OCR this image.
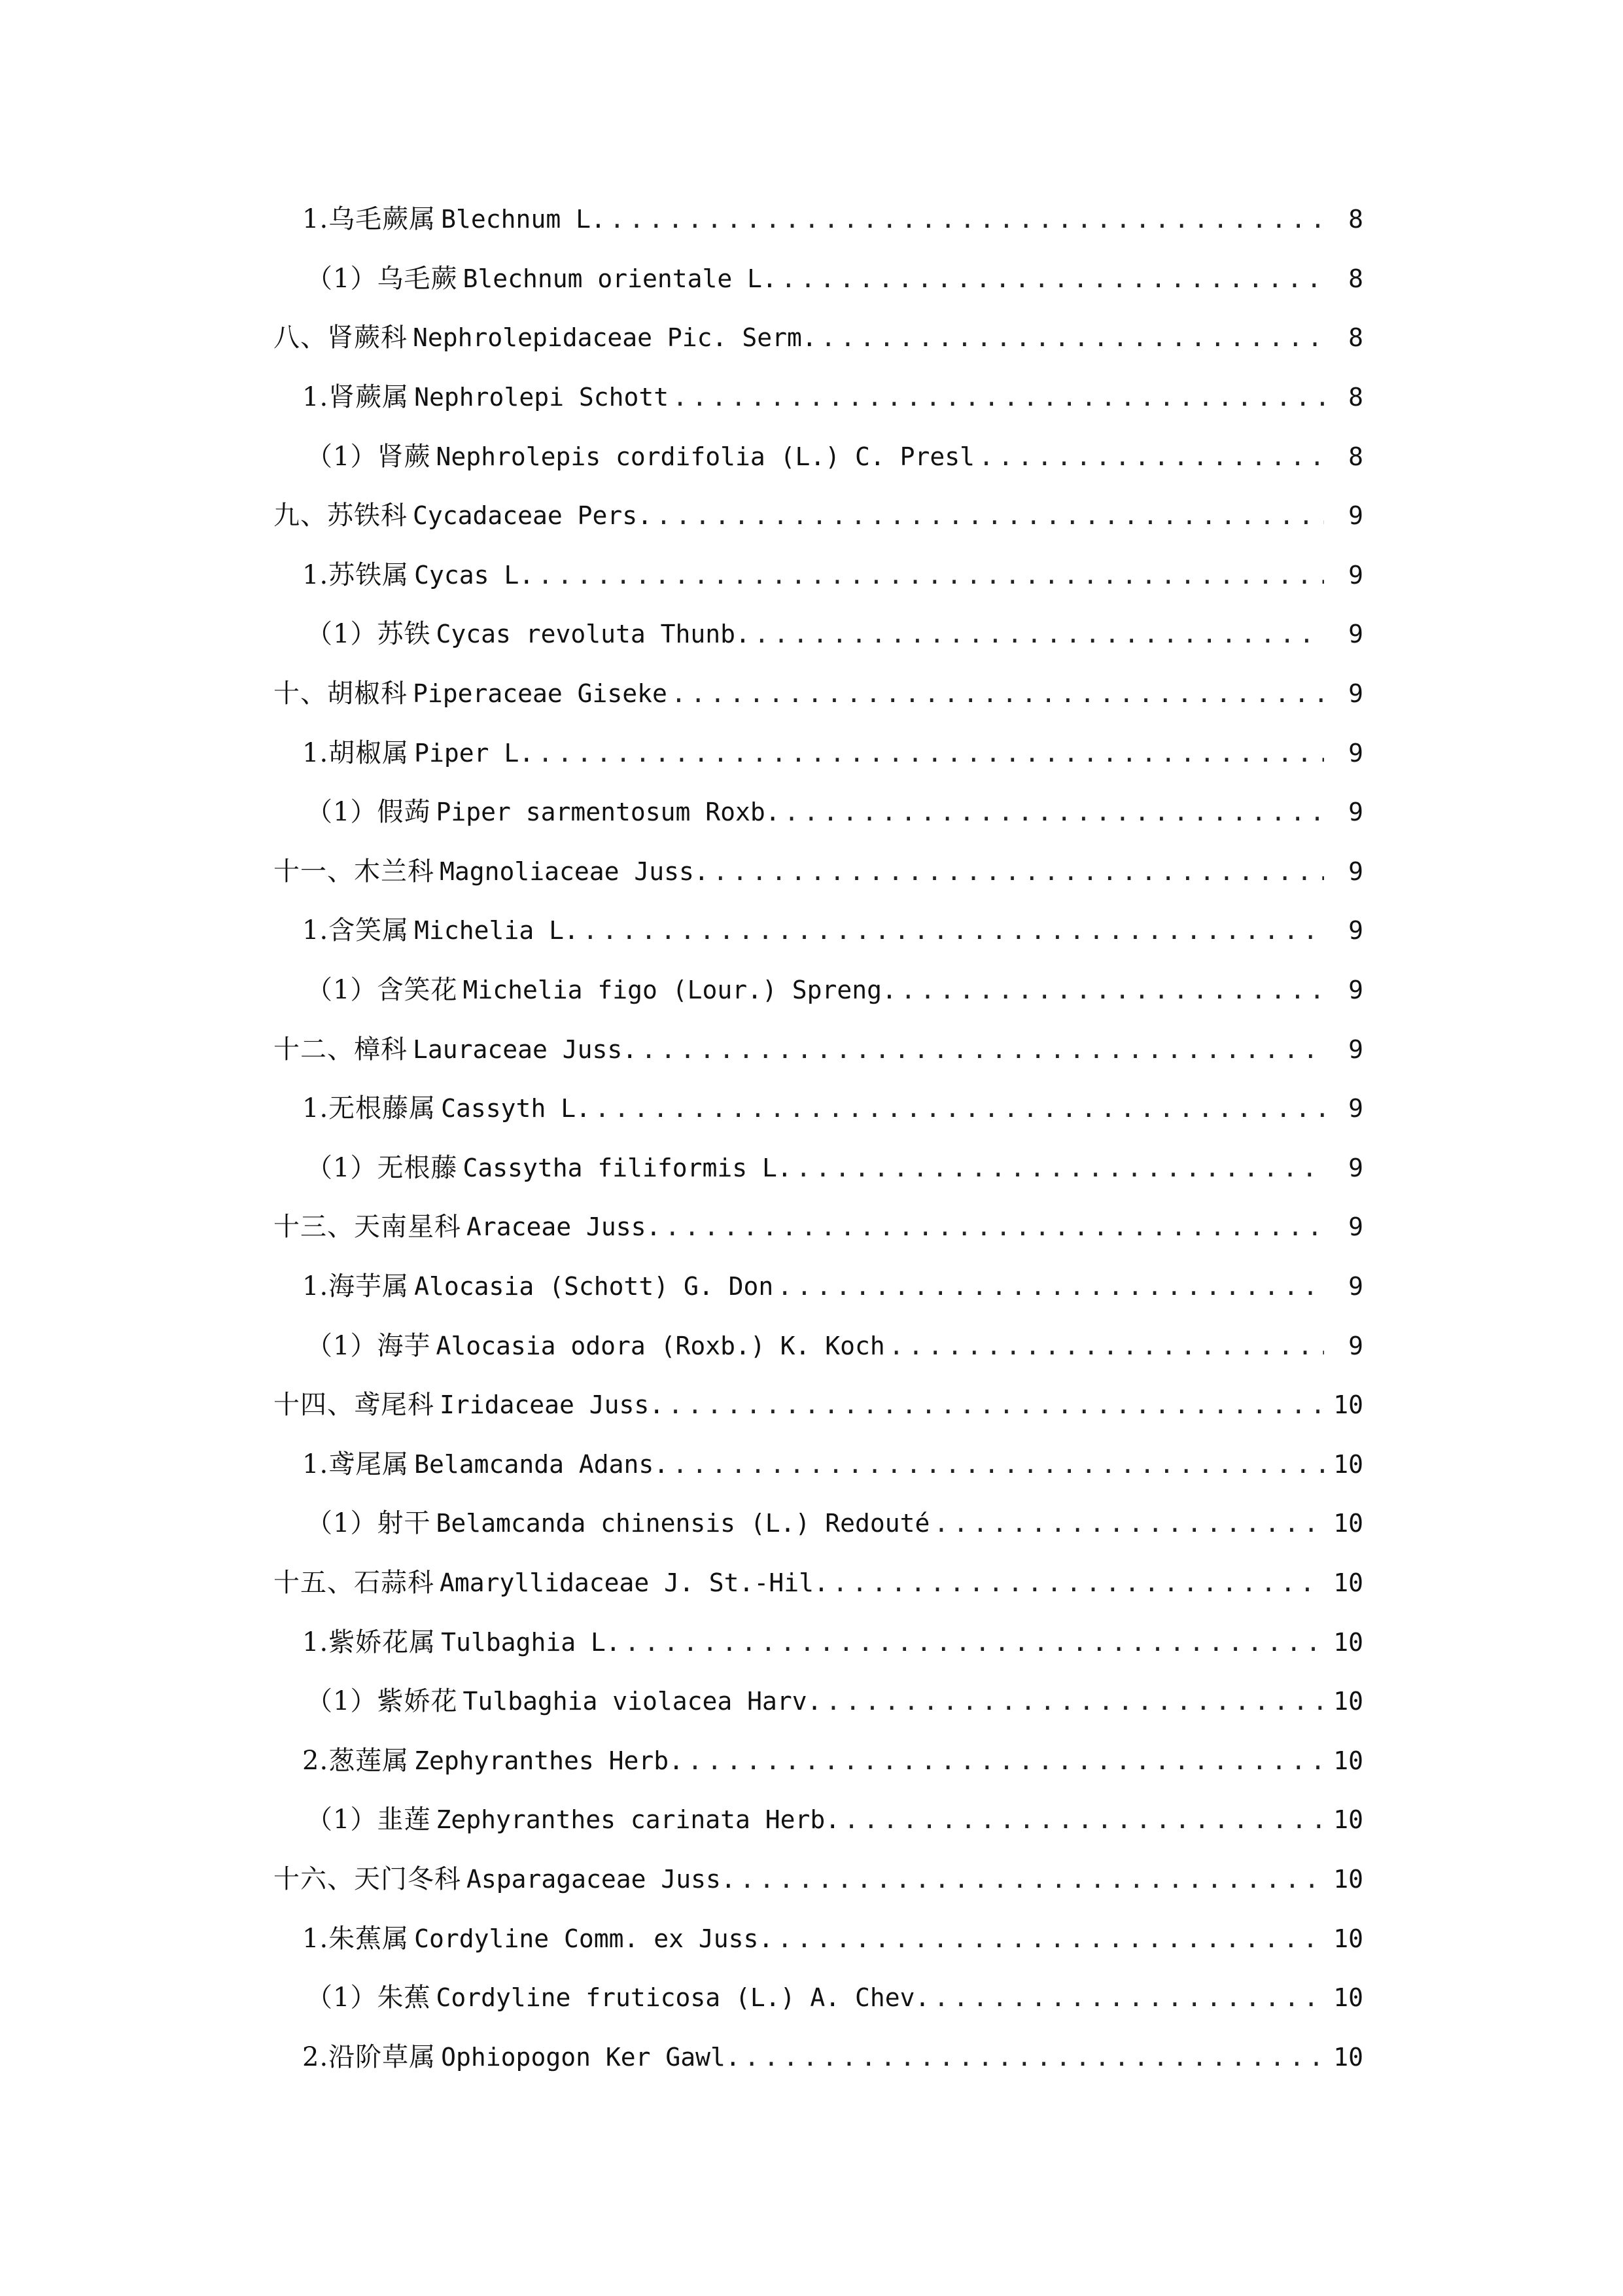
1.乌毛蕨属 Blechnum L. . . .	8
（1）乌毛蕨 Blechnum orientale L. . . .	8
八、肾蕨科 Nephrolepidaceae Pic. Serm. . . .	8
1.肾蕨属 Nephrolepi Schott . . .	8
（1）肾蕨 Nephrolepis cordifolia (L.) C. Presl . . .	8
九、苏铁科 Cycadaceae Pers. . . .	9
1.苏铁属 Cycas L. . . .	9
（1）苏铁 Cycas revoluta Thunb. . . .	9
十、胡椒科 Piperaceae Giseke . . .	9
1.胡椒属 Piper L. . . .	9
（1）假蒟 Piper sarmentosum Roxb. . . .	9
十一、木兰科 Magnoliaceae Juss. . . .	9
1.含笑属 Michelia L. . . .	9
（1）含笑花 Michelia figo (Lour.) Spreng. . . .	9
十二、樟科 Lauraceae Juss. . . .	9
1.无根藤属 Cassyth L. . . .	9
（1）无根藤 Cassytha filiformis L. . . .	9
十三、天南星科 Araceae Juss. . . .	9
1.海芋属 Alocasia (Schott) G. Don . . .	9
（1）海芋 Alocasia odora (Roxb.) K. Koch . . .	9
十四、鸢尾科 Iridaceae Juss. . . .	10
1.鸢尾属 Belamcanda Adans. . . .	10
（1）射干 Belamcanda chinensis (L.) Redouté . . .	10
十五、石蒜科 Amaryllidaceae J. St.-Hil. . . .	10
1.紫娇花属 Tulbaghia L. . . .	10
（1）紫娇花 Tulbaghia violacea Harv. . . .	10
2.葱莲属 Zephyranthes Herb. . . .	10
（1）韭莲 Zephyranthes carinata Herb. . . .	10
十六、天门冬科 Asparagaceae Juss. . . .	10
1.朱蕉属 Cordyline Comm. ex Juss. . . .	10
（1）朱蕉 Cordyline fruticosa (L.) A. Chev. . . .	10
2.沿阶草属 Ophiopogon Ker Gawl. . . .	10
